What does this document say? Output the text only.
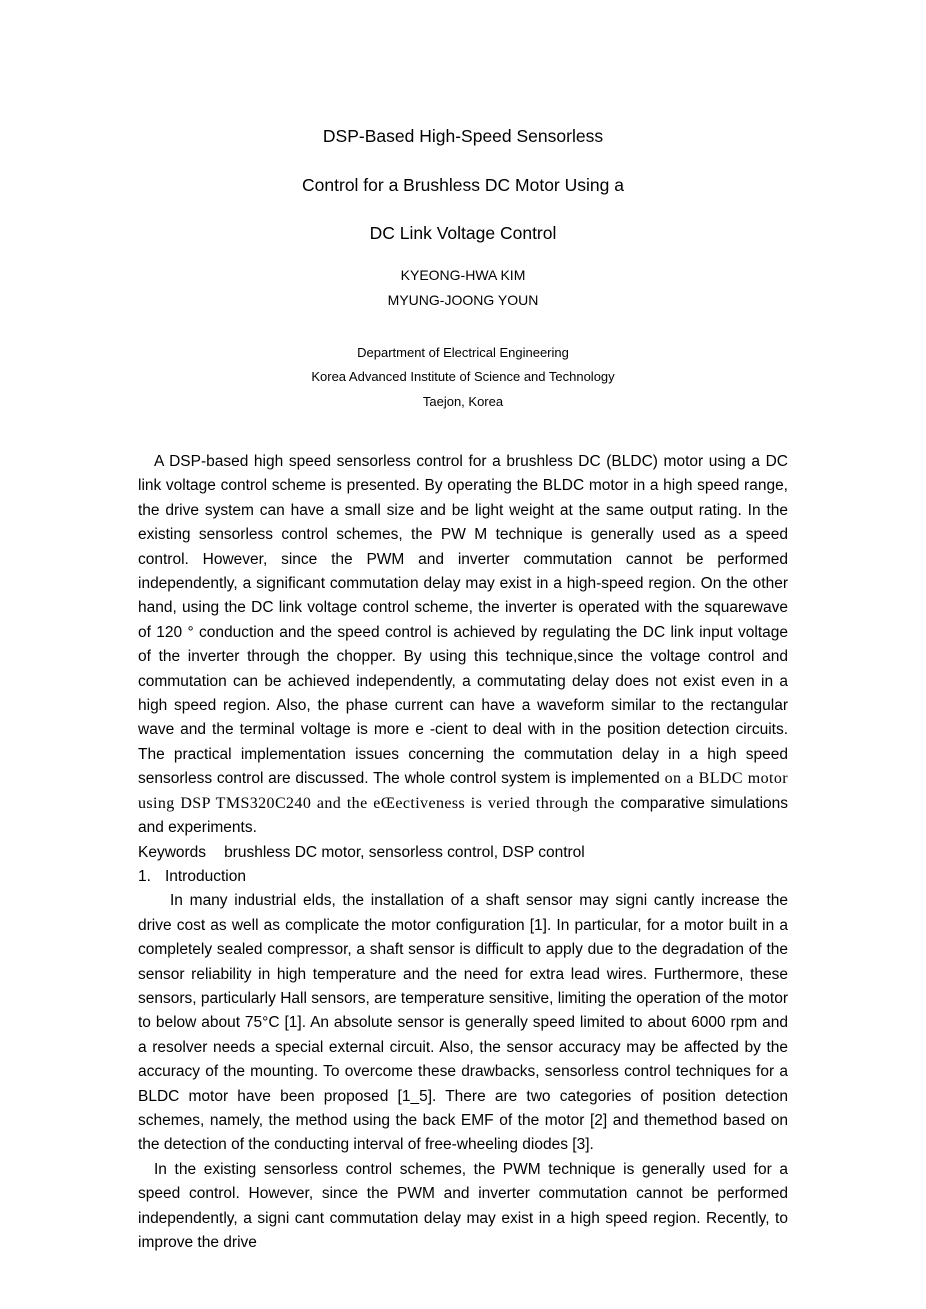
DSP-Based High-Speed Sensorless
Control for a Brushless DC Motor Using a
DC Link Voltage Control
KYEONG-HWA KIM
MYUNG-JOONG YOUN
Department of Electrical Engineering
Korea Advanced Institute of Science and Technology
Taejon, Korea

A DSP-based high speed sensorless control for a brushless DC (BLDC) motor using a DC link voltage control scheme is presented. By operating the BLDC motor in a high speed range, the drive system can have a small size and be light weight at the same output rating. In the existing sensorless control schemes, the PW M technique is generally used as a speed control. However, since the PWM and inverter commutation cannot be performed independently, a significant commutation delay may exist in a high-speed region. On the other hand, using the DC link voltage control scheme, the inverter is operated with the squarewave of 120 ° conduction and the speed control is achieved by regulating the DC link input voltage of the inverter through the chopper. By using this technique,since the voltage control and commutation can be achieved independently, a commutating delay does not exist even in a high speed region. Also, the phase current can have a waveform similar to the rectangular wave and the terminal voltage is more e -cient to deal with in the position detection circuits. The practical implementation issues concerning the commutation delay in a high speed sensorless control are discussed. The whole control system is implemented on a BLDC motor using DSP TMS320C240 and the eŒectiveness is veried through the comparative simulations and experiments.

Keywords brushless DC motor, sensorless control, DSP control

1. Introduction

In many industrial elds, the installation of a shaft sensor may signi cantly increase the drive cost as well as complicate the motor configuration [1]. In particular, for a motor built in a completely sealed compressor, a shaft sensor is difficult to apply due to the degradation of the sensor reliability in high temperature and the need for extra lead wires. Furthermore, these sensors, particularly Hall sensors, are temperature sensitive, limiting the operation of the motor to below about 75°C [1]. An absolute sensor is generally speed limited to about 6000 rpm and a resolver needs a special external circuit. Also, the sensor accuracy may be affected by the accuracy of the mounting. To overcome these drawbacks, sensorless control techniques for a BLDC motor have been proposed [1_5]. There are two categories of position detection schemes, namely, the method using the back EMF of the motor [2] and themethod based on the detection of the conducting interval of free-wheeling diodes [3].

In the existing sensorless control schemes, the PWM technique is generally used for a speed control. However, since the PWM and inverter commutation cannot be performed independently, a signi cant commutation delay may exist in a high speed region. Recently, to improve the drive
